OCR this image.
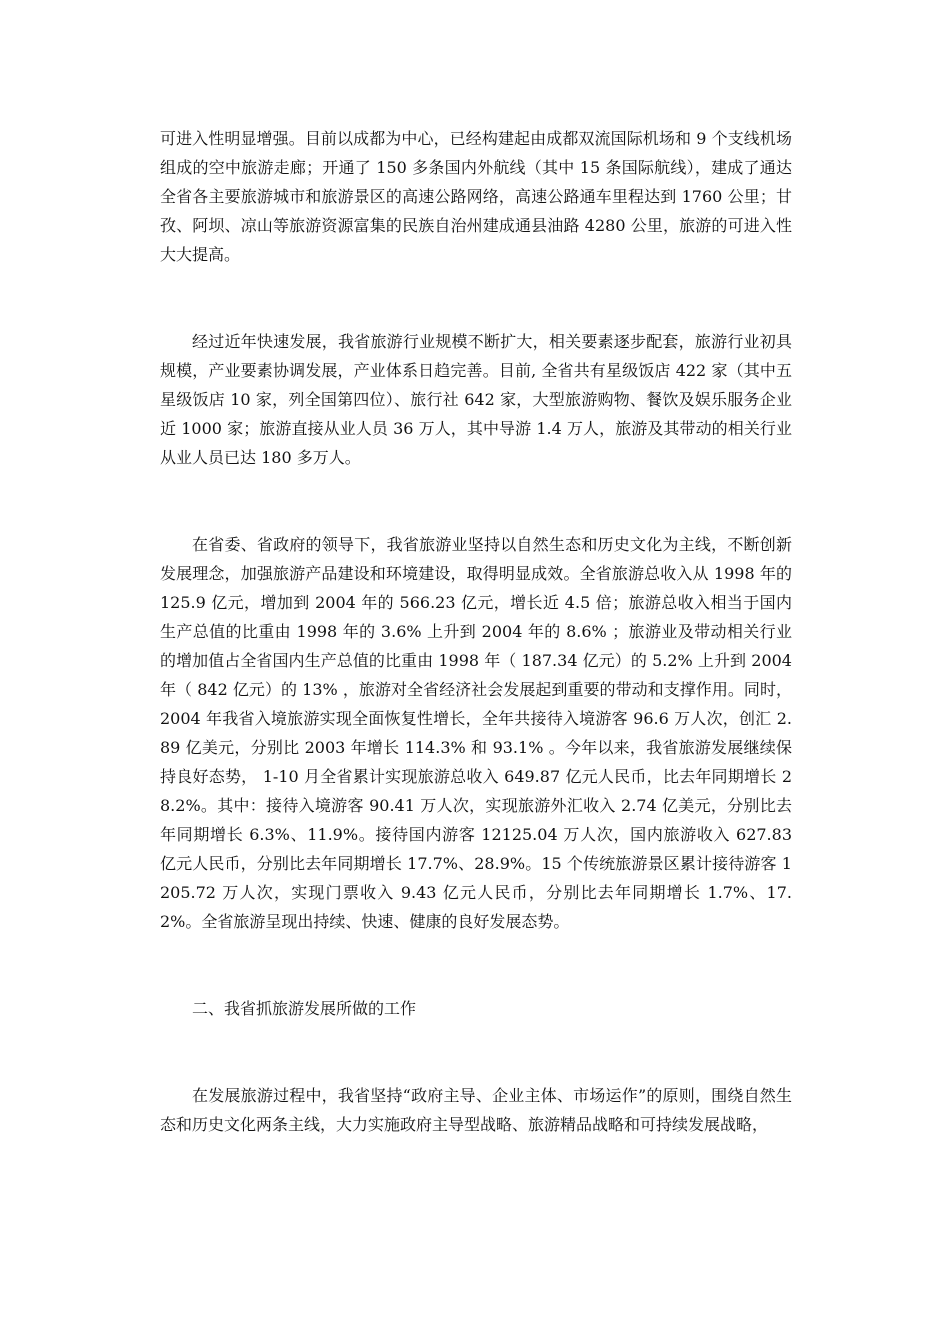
可进入性明显增强。目前以成都为中心，已经构建起由成都双流国际机场和 9 个支线机场组成的空中旅游走廊；开通了 150 多条国内外航线（其中 15 条国际航线），建成了通达全省各主要旅游城市和旅游景区的高速公路网络，高速公路通车里程达到 1760 公里；甘孜、阿坝、凉山等旅游资源富集的民族自治州建成通县油路 4280 公里，旅游的可进入性大大提高。

经过近年快速发展，我省旅游行业规模不断扩大，相关要素逐步配套，旅游行业初具规模，产业要素协调发展，产业体系日趋完善。目前, 全省共有星级饭店 422 家（其中五星级饭店 10 家，列全国第四位）、旅行社 642 家，大型旅游购物、餐饮及娱乐服务企业近 1000 家；旅游直接从业人员 36 万人，其中导游 1.4 万人，旅游及其带动的相关行业从业人员已达 180 多万人。

在省委、省政府的领导下，我省旅游业坚持以自然生态和历史文化为主线，不断创新发展理念，加强旅游产品建设和环境建设，取得明显成效。全省旅游总收入从 1998 年的 125.9 亿元，增加到 2004 年的 566.23 亿元，增长近 4.5 倍；旅游总收入相当于国内生产总值的比重由 1998 年的 3.6% 上升到 2004 年的 8.6% ；旅游业及带动相关行业的增加值占全省国内生产总值的比重由 1998 年（ 187.34 亿元）的 5.2% 上升到 2004 年（ 842 亿元）的 13% ，旅游对全省经济社会发展起到重要的带动和支撑作用。同时， 2004 年我省入境旅游实现全面恢复性增长，全年共接待入境游客 96.6 万人次，创汇 2.89 亿美元，分别比 2003 年增长 114.3% 和 93.1% 。今年以来，我省旅游发展继续保持良好态势， 1-10 月全省累计实现旅游总收入 649.87 亿元人民币，比去年同期增长 28.2%。其中：接待入境游客 90.41 万人次，实现旅游外汇收入 2.74 亿美元，分别比去年同期增长 6.3%、11.9%。接待国内游客 12125.04 万人次，国内旅游收入 627.83 亿元人民币，分别比去年同期增长 17.7%、28.9%。15 个传统旅游景区累计接待游客 1205.72 万人次，实现门票收入 9.43 亿元人民币，分别比去年同期增长 1.7%、17.2%。全省旅游呈现出持续、快速、健康的良好发展态势。

二、我省抓旅游发展所做的工作

在发展旅游过程中，我省坚持“政府主导、企业主体、市场运作”的原则，围绕自然生态和历史文化两条主线，大力实施政府主导型战略、旅游精品战略和可持续发展战略，
